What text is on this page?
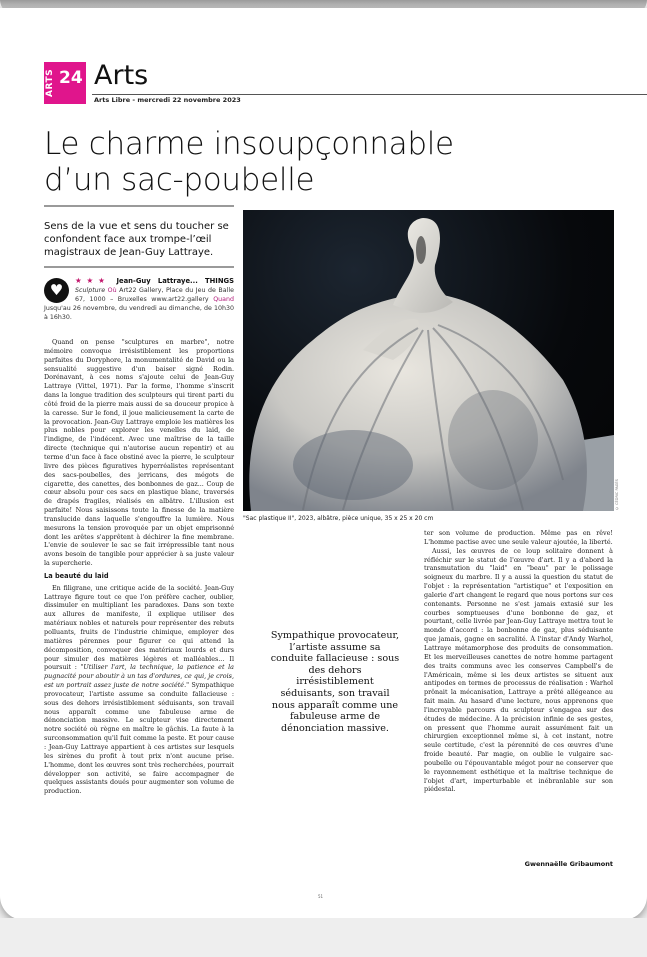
ARTS 24 Arts
Arts Libre - mercredi 22 novembre 2023
Le charme insoupçonnable
d’un sac-poubelle
Sens de la vue et sens du toucher se confondent face aux trompe-l’œil magistraux de Jean-Guy Lattraye.
♥
★★★ Jean-Guy Lattraye... THINGS Sculpture Où Art22 Gallery, Place du Jeu de Balle 67, 1000 – Bruxelles www.art22.gallery Quand Jusqu'au 26 novembre, du vendredi au dimanche, de 10h30 à 16h30.

Quand on pense "sculptures en marbre", notre mémoire convoque irrésistiblement les proportions parfaites du Doryphore, la monumentalité de David ou la sensualité suggestive d'un baiser signé Rodin. Dorénavant, à ces noms s'ajoute celui de Jean-Guy Lattraye (Vittel, 1971). Par la forme, l'homme s'inscrit dans la longue tradition des sculpteurs qui tirent parti du côté froid de la pierre mais aussi de sa douceur propice à la caresse. Sur le fond, il joue malicieusement la carte de la provocation. Jean-Guy Lattraye emploie les matières les plus nobles pour explorer les venelles du laid, de l'indigne, de l'indécent. Avec une maîtrise de la taille directe (technique qui n'autorise aucun repentir) et au terme d'un face à face obstiné avec la pierre, le sculpteur livre des pièces figuratives hyperréalistes représentant des sacs-poubelles, des jerricans, des mégots de cigarette, des canettes, des bonbonnes de gaz... Coup de cœur absolu pour ces sacs en plastique blanc, traversés de drapés fragiles, réalisés en albâtre. L'illusion est parfaite! Nous saisissons toute la finesse de la matière translucide dans laquelle s'engouffre la lumière. Nous mesurons la tension provoquée par un objet emprisonné dont les arêtes s'apprêtent à déchirer la fine membrane. L'envie de soulever le sac se fait irrépressible tant nous avons besoin de tangible pour apprécier à sa juste valeur la supercherie.

La beauté du laid

En filigrane, une critique acide de la société. Jean-Guy Lattraye figure tout ce que l'on préfère cacher, oublier, dissimuler en multipliant les paradoxes. Dans son texte aux allures de manifeste, il explique utiliser des matériaux nobles et naturels pour représenter des rebuts polluants, fruits de l'industrie chimique, employer des matières pérennes pour figurer ce qui attend la décomposition, convoquer des matériaux lourds et durs pour simuler des matières légères et malléables... Il poursuit : "Utiliser l'art, la technique, la patience et la pugnacité pour aboutir à un tas d'ordures, ce qui, je crois, est un portrait assez juste de notre société." Sympathique provocateur, l'artiste assume sa conduite fallacieuse : sous des dehors irrésistiblement séduisants, son travail nous apparaît comme une fabuleuse arme de dénonciation massive. Le sculpteur vise directement notre société où règne en maître le gâchis. La faute à la surconsommation qu'il fuit comme la peste. Et pour cause : Jean-Guy Lattraye appartient à ces artistes sur lesquels les sirènes du profit à tout prix n'ont aucune prise. L'homme, dont les œuvres sont très recherchées, pourrait développer son activité, se faire accompagner de quelques assistants doués pour augmenter son volume de production.

© CÉDRIC PAGÈS
"Sac plastique II", 2023, albâtre, pièce unique, 35 x 25 x 20 cm
Sympathique provocateur, l’artiste assume sa conduite fallacieuse : sous des dehors irrésistiblement séduisants, son travail nous apparaît comme une fabuleuse arme de dénonciation massive.

ter son volume de production. Même pas en rêve! L'homme pactise avec une seule valeur ajoutée, la liberté.

Aussi, les œuvres de ce loup solitaire donnent à réfléchir sur le statut de l'œuvre d'art. Il y a d'abord la transmutation du "laid" en "beau" par le polissage soigneux du marbre. Il y a aussi la question du statut de l'objet : la représentation "artistique" et l'exposition en galerie d'art changent le regard que nous portons sur ces contenants. Personne ne s'est jamais extasié sur les courbes somptueuses d'une bonbonne de gaz, et pourtant, celle livrée par Jean-Guy Lattraye mettra tout le monde d'accord : la bonbonne de gaz, plus séduisante que jamais, gagne en sacralité. À l'instar d'Andy Warhol, Lattraye métamorphose des produits de consommation. Et les merveilleuses canettes de notre homme partagent des traits communs avec les conserves Campbell's de l'Américain, même si les deux artistes se situent aux antipodes en termes de processus de réalisation : Warhol prônait la mécanisation, Lattraye a prêté allégeance au fait main. Au hasard d'une lecture, nous apprenons que l'incroyable parcours du sculpteur s'engagea sur des études de médecine. À la précision infinie de ses gestes, on pressent que l'homme aurait assurément fait un chirurgien exceptionnel même si, à cet instant, notre seule certitude, c'est la pérennité de ces œuvres d'une froide beauté. Par magie, on oublie le vulgaire sac-poubelle ou l'épouvantable mégot pour ne conserver que le rayonnement esthétique et la maîtrise technique de l'objet d'art, imperturbable et inébranlable sur son piédestal.

Gwennaëlle Gribaumont
51
